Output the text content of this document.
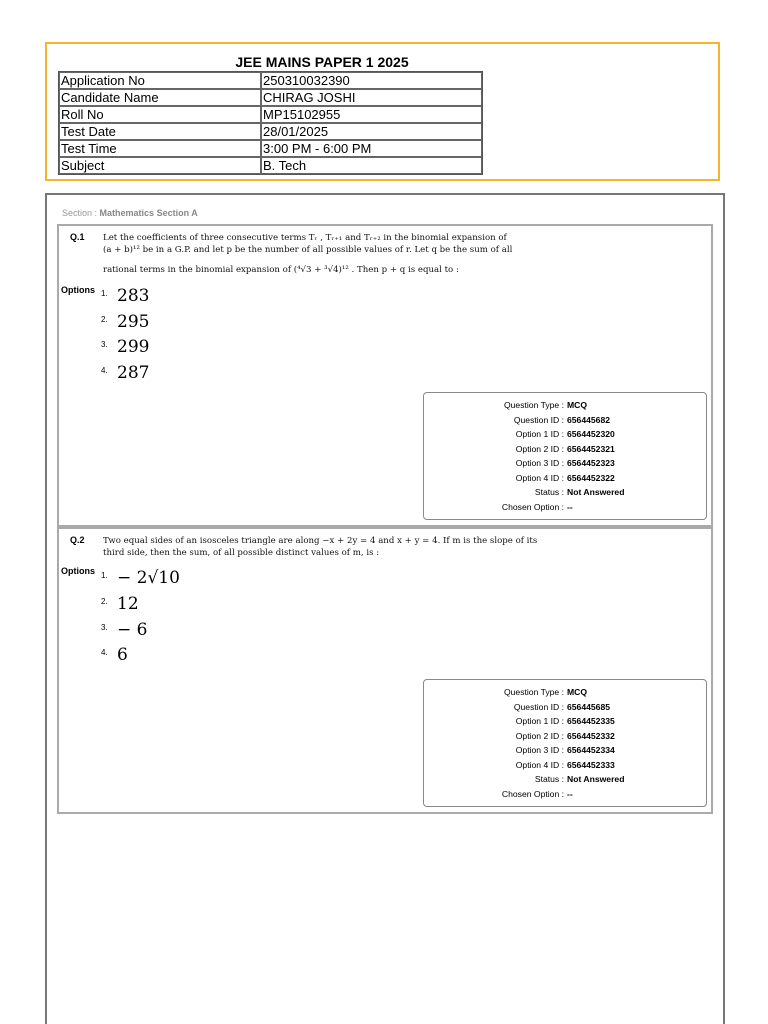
JEE MAINS PAPER 1 2025
Application No	250310032390
Candidate Name	CHIRAG JOSHI
Roll No	MP15102955
Test Date	28/01/2025
Test Time	3:00 PM - 6:00 PM
Subject	B. Tech
Section : Mathematics Section A
Q.1 Let the coefficients of three consecutive terms Tᵣ , Tᵣ₊₁ and Tᵣ₊₂ in the binomial expansion of
(a + b)¹² be in a G.P. and let p be the number of all possible values of r. Let q be the sum of all
rational terms in the binomial expansion of (⁴√3 + ³√4)¹² . Then p + q is equal to :
Options 1. 283
2. 295
3. 299
4. 287
Question Type : MCQ
Question ID : 656445682
Option 1 ID : 6564452320
Option 2 ID : 6564452321
Option 3 ID : 6564452323
Option 4 ID : 6564452322
Status : Not Answered
Chosen Option : --
Q.2 Two equal sides of an isosceles triangle are along −x + 2y = 4 and x + y = 4. If m is the slope of its
third side, then the sum, of all possible distinct values of m, is :
Options 1. − 2√10
2. 12
3. − 6
4. 6
Question Type : MCQ
Question ID : 656445685
Option 1 ID : 6564452335
Option 2 ID : 6564452332
Option 3 ID : 6564452334
Option 4 ID : 6564452333
Status : Not Answered
Chosen Option : --
